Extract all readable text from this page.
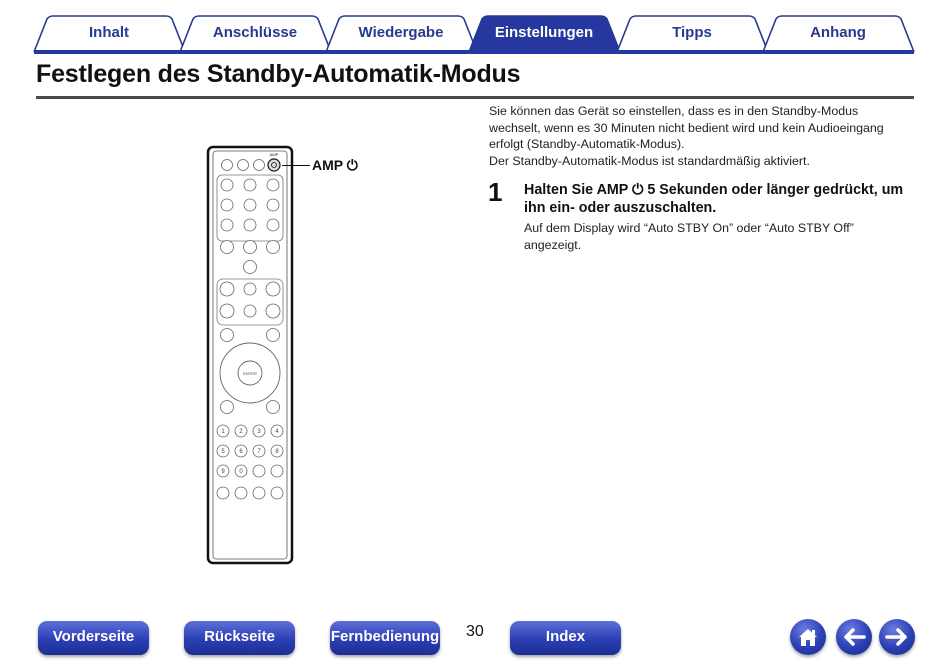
Inhalt	Anschlüsse	Wiedergabe	Einstellungen	Tipps	Anhang
Festlegen des Standby-Automatik-Modus
AMP
ENTER
1 2 3 4
5 6 7 8
9 0
AMP ⏻

Sie können das Gerät so einstellen, dass es in den Standby-Modus wechselt, wenn es 30 Minuten nicht bedient wird und kein Audioeingang erfolgt (Standby-Automatik-Modus).

Der Standby-Automatik-Modus ist standardmäßig aktiviert.

1 Halten Sie AMP ⏻ 5 Sekunden oder länger gedrückt, um ihn ein- oder auszuschalten.
Auf dem Display wird “Auto STBY On” oder “Auto STBY Off” angezeigt.
Vorderseite	Rückseite	Fernbedienung 30	Index
